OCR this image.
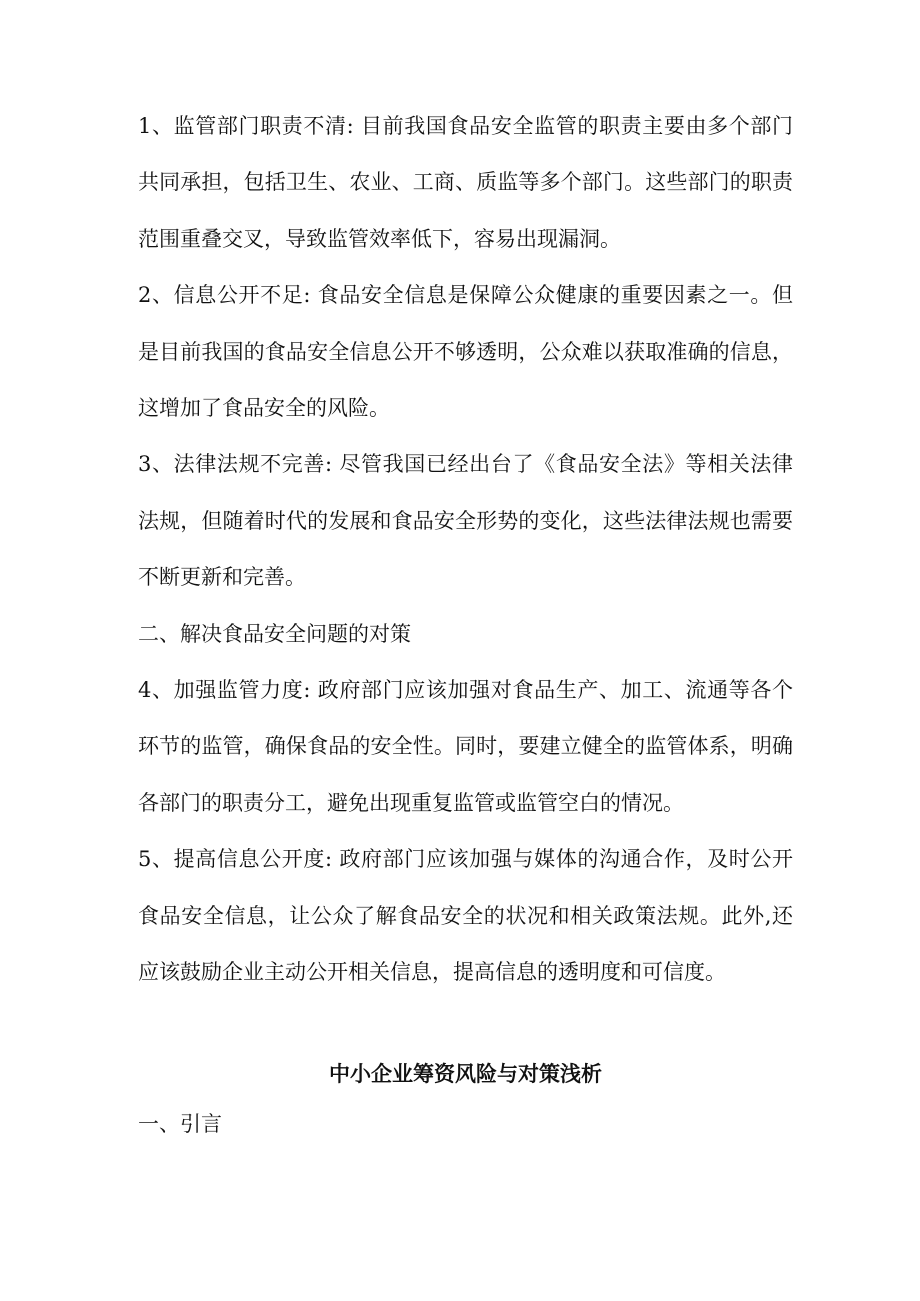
1、监管部门职责不清: 目前我国食品安全监管的职责主要由多个部门共同承担，包括卫生、农业、工商、质监等多个部门。这些部门的职责范围重叠交叉，导致监管效率低下，容易出现漏洞。

2、信息公开不足: 食品安全信息是保障公众健康的重要因素之一。但是目前我国的食品安全信息公开不够透明，公众难以获取准确的信息，这增加了食品安全的风险。

3、法律法规不完善: 尽管我国已经出台了《食品安全法》等相关法律法规，但随着时代的发展和食品安全形势的变化，这些法律法规也需要不断更新和完善。

二、解决食品安全问题的对策

4、加强监管力度: 政府部门应该加强对食品生产、加工、流通等各个环节的监管，确保食品的安全性。同时，要建立健全的监管体系，明确各部门的职责分工，避免出现重复监管或监管空白的情况。

5、提高信息公开度: 政府部门应该加强与媒体的沟通合作，及时公开食品安全信息，让公众了解食品安全的状况和相关政策法规。此外,还应该鼓励企业主动公开相关信息，提高信息的透明度和可信度。

中小企业筹资风险与对策浅析

一、引言
